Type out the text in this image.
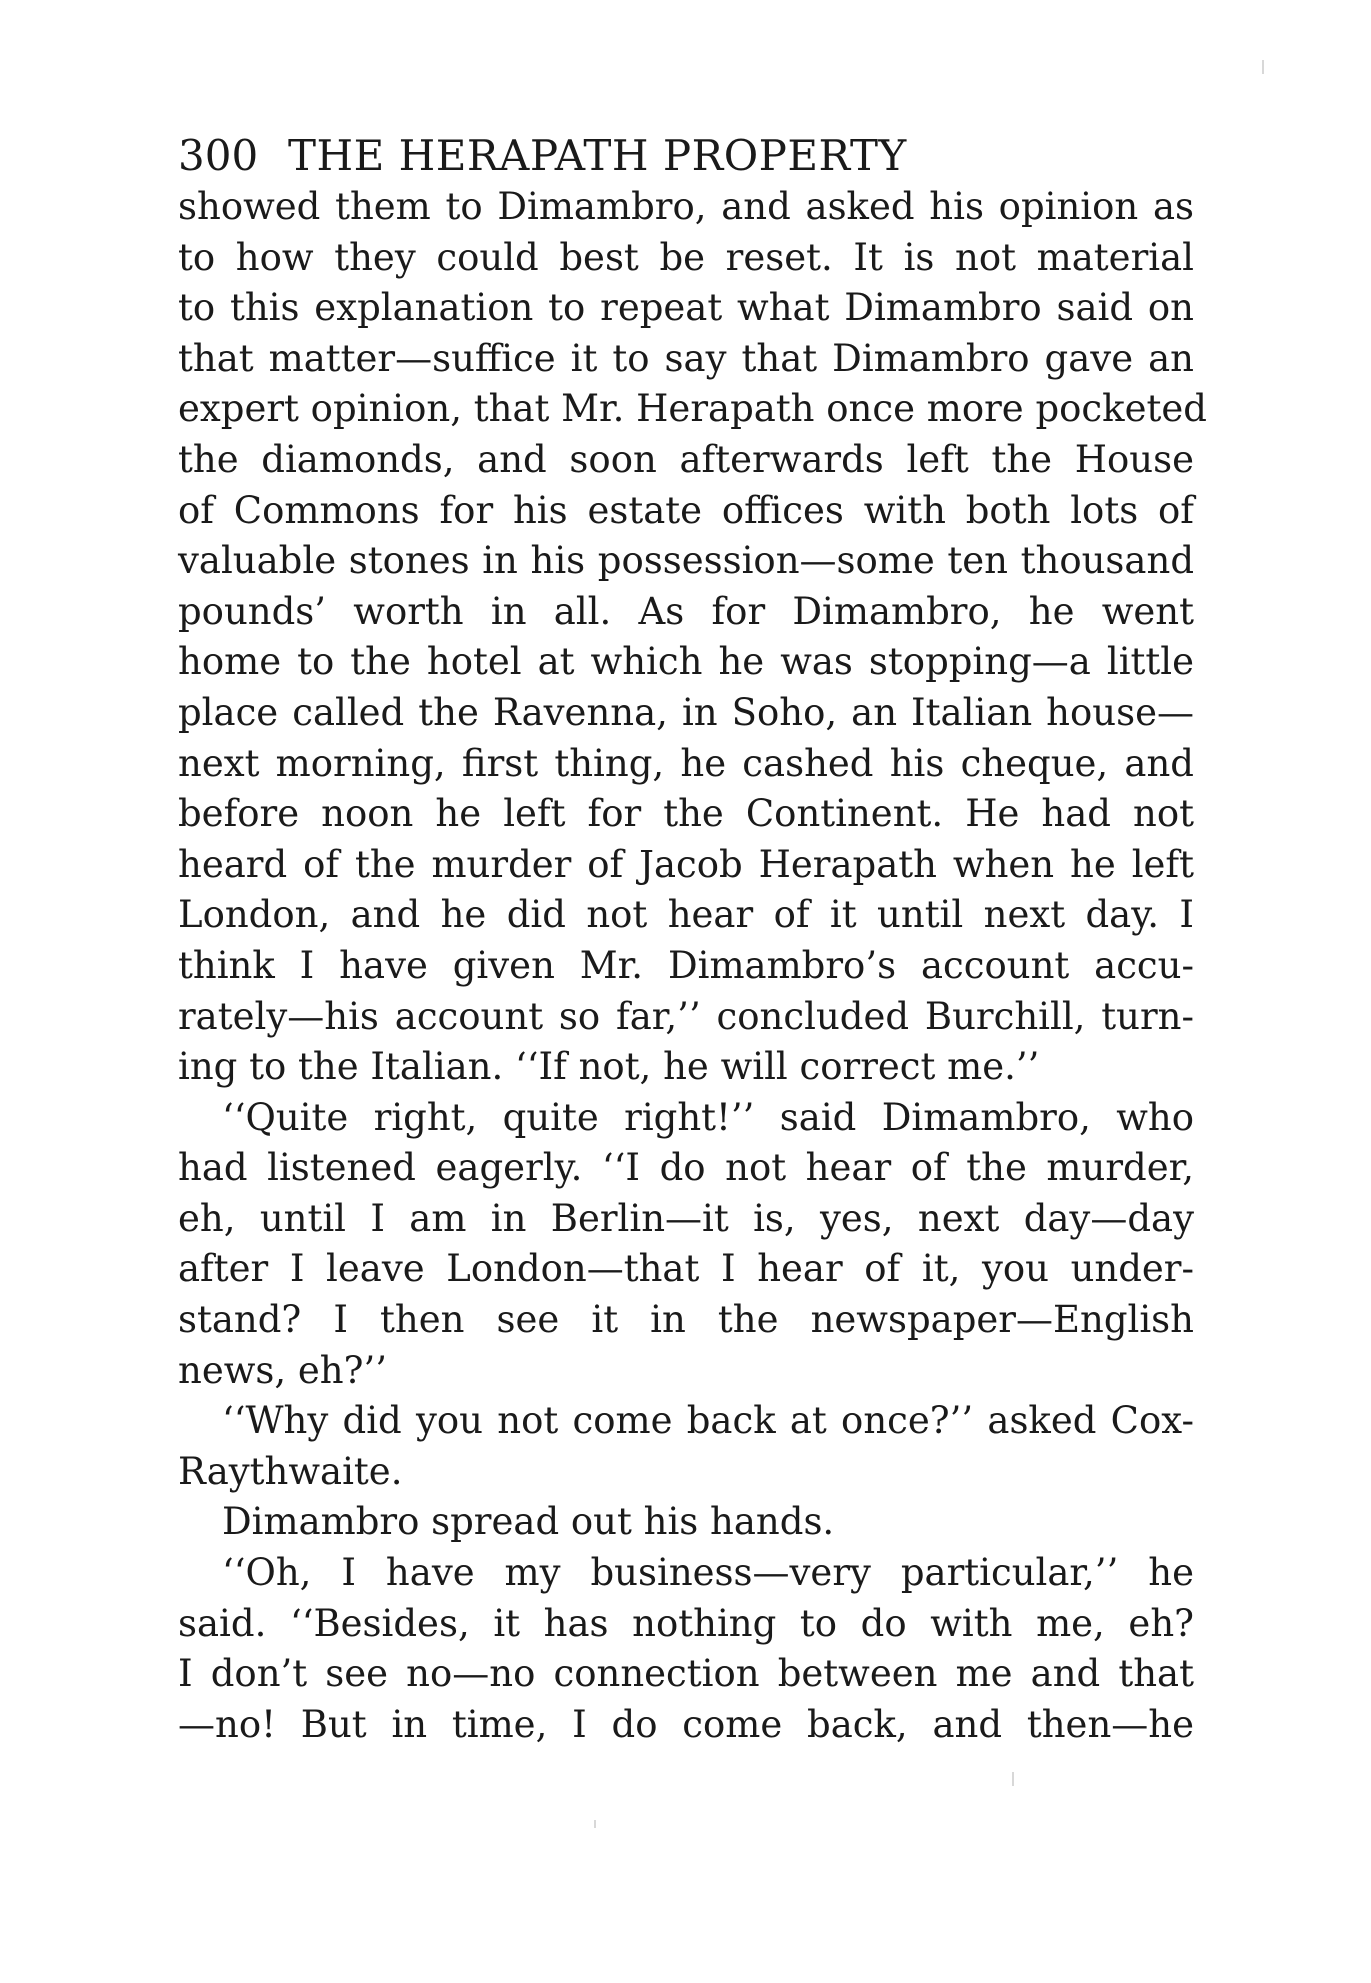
300 THE HERAPATH PROPERTY
showed them to Dimambro, and asked his opinion as
to how they could best be reset. It is not material
to this explanation to repeat what Dimambro said on
that matter—suffice it to say that Dimambro gave an
expert opinion, that Mr. Herapath once more pocketed
the diamonds, and soon afterwards left the House
of Commons for his estate offices with both lots of
valuable stones in his possession—some ten thousand
pounds’ worth in all. As for Dimambro, he went
home to the hotel at which he was stopping—a little
place called the Ravenna, in Soho, an Italian house—
next morning, first thing, he cashed his cheque, and
before noon he left for the Continent. He had not
heard of the murder of Jacob Herapath when he left
London, and he did not hear of it until next day. I
think I have given Mr. Dimambro’s account accu-
rately—his account so far,’’ concluded Burchill, turn-
ing to the Italian. ‘‘If not, he will correct me.’’
‘‘Quite right, quite right!’’ said Dimambro, who
had listened eagerly. ‘‘I do not hear of the murder,
eh, until I am in Berlin—it is, yes, next day—day
after I leave London—that I hear of it, you under-
stand? I then see it in the newspaper—English
news, eh?’’
‘‘Why did you not come back at once?’’ asked Cox-
Raythwaite.
Dimambro spread out his hands.
‘‘Oh, I have my business—very particular,’’ he
said. ‘‘Besides, it has nothing to do with me, eh?
I don’t see no—no connection between me and that
—no! But in time, I do come back, and then—he
